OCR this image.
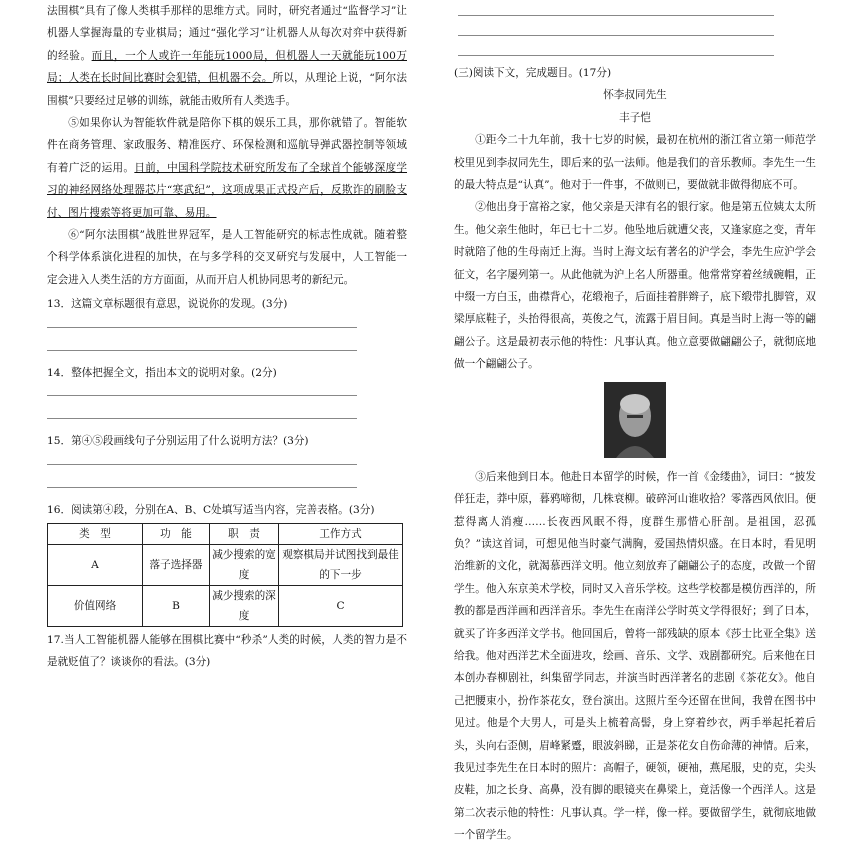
法围棋”具有了像人类棋手那样的思维方式。同时，研究者通过“监督学习”让机器人掌握海量的专业棋局；通过“强化学习”让机器人从每次对弈中获得新的经验。而且，一个人或许一年能玩1000局，但机器人一天就能玩100万局；人类在长时间比赛时会犯错，但机器不会。所以，从理论上说，“阿尔法围棋”只要经过足够的训练，就能击败所有人类选手。

⑤如果你认为智能软件就是陪你下棋的娱乐工具，那你就错了。智能软件在商务管理、家政服务、精准医疗、环保检测和巡航导弹武器控制等领域有着广泛的运用。日前，中国科学院技术研究所发布了全球首个能够深度学习的神经网络处理器芯片“寒武纪”，这项成果正式投产后，反欺诈的刷脸支付、图片搜索等将更加可靠、易用。

⑥“阿尔法围棋”战胜世界冠军，是人工智能研究的标志性成就。随着整个科学体系演化进程的加快，在与多学科的交叉研究与发展中，人工智能一定会进入人类生活的方方面面，从而开启人机协同思考的新纪元。

13．这篇文章标题很有意思，说说你的发现。(3分)

14．整体把握全文，指出本文的说明对象。(2分)

15．第④⑤段画线句子分别运用了什么说明方法？(3分)

16．阅读第④段，分别在A、B、C处填写适当内容，完善表格。(3分)

类　型	功　能	职　责	工作方式
A	落子选择器	减少搜索的宽度	观察棋局并试图找到最佳的下一步
价值网络	B	减少搜索的深度	C

17.当人工智能机器人能够在围棋比赛中“秒杀”人类的时候，人类的智力是不是就贬值了？谈谈你的看法。(3分)

(三)阅读下文，完成题目。(17分)

怀李叔同先生

丰子恺

①距今二十九年前，我十七岁的时候，最初在杭州的浙江省立第一师范学校里见到李叔同先生，即后来的弘一法师。他是我们的音乐教师。李先生一生的最大特点是“认真”。他对于一件事，不做则已，要做就非做得彻底不可。

②他出身于富裕之家，他父亲是天津有名的银行家。他是第五位姨太太所生。他父亲生他时，年已七十二岁。他坠地后就遭父丧，又逢家庭之变，青年时就陪了他的生母南迁上海。当时上海文坛有著名的沪学会，李先生应沪学会征文，名字屡列第一。从此他就为沪上名人所器重。他常常穿着丝绒碗帽，正中缀一方白玉，曲襟背心，花缎袍子，后面挂着胖辫子，底下缎带扎脚管，双梁厚底鞋子，头抬得很高，英俊之气，流露于眉目间。真是当时上海一等的翩翩公子。这是最初表示他的特性：凡事认真。他立意要做翩翩公子，就彻底地做一个翩翩公子。

③后来他到日本。他赴日本留学的时候，作一首《金缕曲》，词曰：“披发佯狂走，莽中原，暮鸦啼彻，几株衰柳。破碎河山谁收拾？零落西风依旧。便惹得离人消瘦……长夜西风眠不得，度群生那惜心肝剖。是祖国，忍孤负？”读这首词，可想见他当时豪气满胸，爱国热情炽盛。在日本时，看见明治维新的文化，就渴慕西洋文明。他立刻放弃了翩翩公子的态度，改做一个留学生。他入东京美术学校，同时又入音乐学校。这些学校都是模仿西洋的，所教的都是西洋画和西洋音乐。李先生在南洋公学时英文学得很好；到了日本，就买了许多西洋文学书。他回国后，曾将一部残缺的原本《莎士比亚全集》送给我。他对西洋艺术全面进攻，绘画、音乐、文学、戏剧都研究。后来他在日本创办春柳剧社，纠集留学同志，并演当时西洋著名的悲剧《茶花女》。他自己把腰束小，扮作茶花女，登台演出。这照片至今还留在世间，我曾在图书中见过。他是个大男人，可是头上梳着高髻，身上穿着纱衣，两手举起托着后头，头向右歪侧，眉峰紧蹙，眼波斜睇，正是茶花女自伤命薄的神情。后来，我见过李先生在日本时的照片：高帽子，硬领，硬袖，燕尾服，史的克，尖头皮鞋，加之长身、高鼻，没有脚的眼镜夹在鼻梁上，竟活像一个西洋人。这是第二次表示他的特性：凡事认真。学一样，像一样。要做留学生，就彻底地做一个留学生。
